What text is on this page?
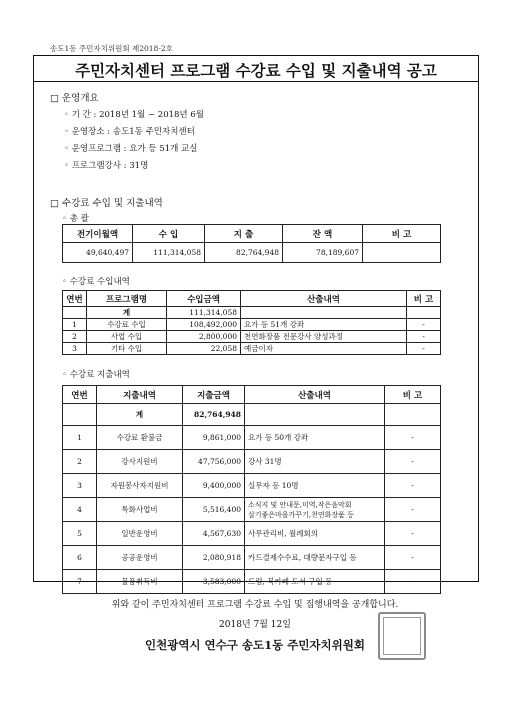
송도1동 주민자치위원회 제2018-2호
주민자치센터 프로그램 수강료 수입 및 지출내역 공고
□ 운영개요
◦ 기 간 : 2018년 1월 ~ 2018년 6월
◦ 운영장소 : 송도1동 주민자치센터
◦ 운영프로그램 : 요가 등 51개 교실
◦ 프로그램강사 : 31명
□ 수강료 수입 및 지출내역
◦ 총 괄
전기이월액	수 입	지 출	잔 액	비 고
49,640,497	111,314,058	82,764,948	78,189,607	
◦ 수강료 수입내역
연번	프로그램명	수입금액	산출내역	비 고
	계	111,314,058		
1	수강료 수입	108,492,000	요가 등 51개 강좌	-
2	사업 수입	2,800,000	천연화장품 전문강사 양성과정	-
3	기타 수입	22,058	예금이자	-
◦ 수강료 지출내역
연번	지출내역	지출금액	산출내역	비 고
	계	82,764,948		
1	수강료 환불금	9,861,000	요가 등 50개 강좌	-
2	강사지원비	47,756,000	강사 31명	-
3	자원봉사자지원비	9,400,000	실무자 등 10명	-
4	특화사업비	5,516,400	소식지 및 안내문,미역,작은음악회
살기좋은마을가꾸기,천연화장품 등	-
5	일반운영비	4,567,630	사무관리비, 월례회의	-
6	공공운영비	2,080,918	카드결제수수료, 대량문자구입 등	-
7	물품취득비	3,583,000	드럼, 북카페 도서 구입 등	-
위와 같이 주민자치센터 프로그램 수강료 수입 및 집행내역을 공개합니다.
2018년 7월 12일
인천광역시 연수구 송도1동 주민자치위원회
